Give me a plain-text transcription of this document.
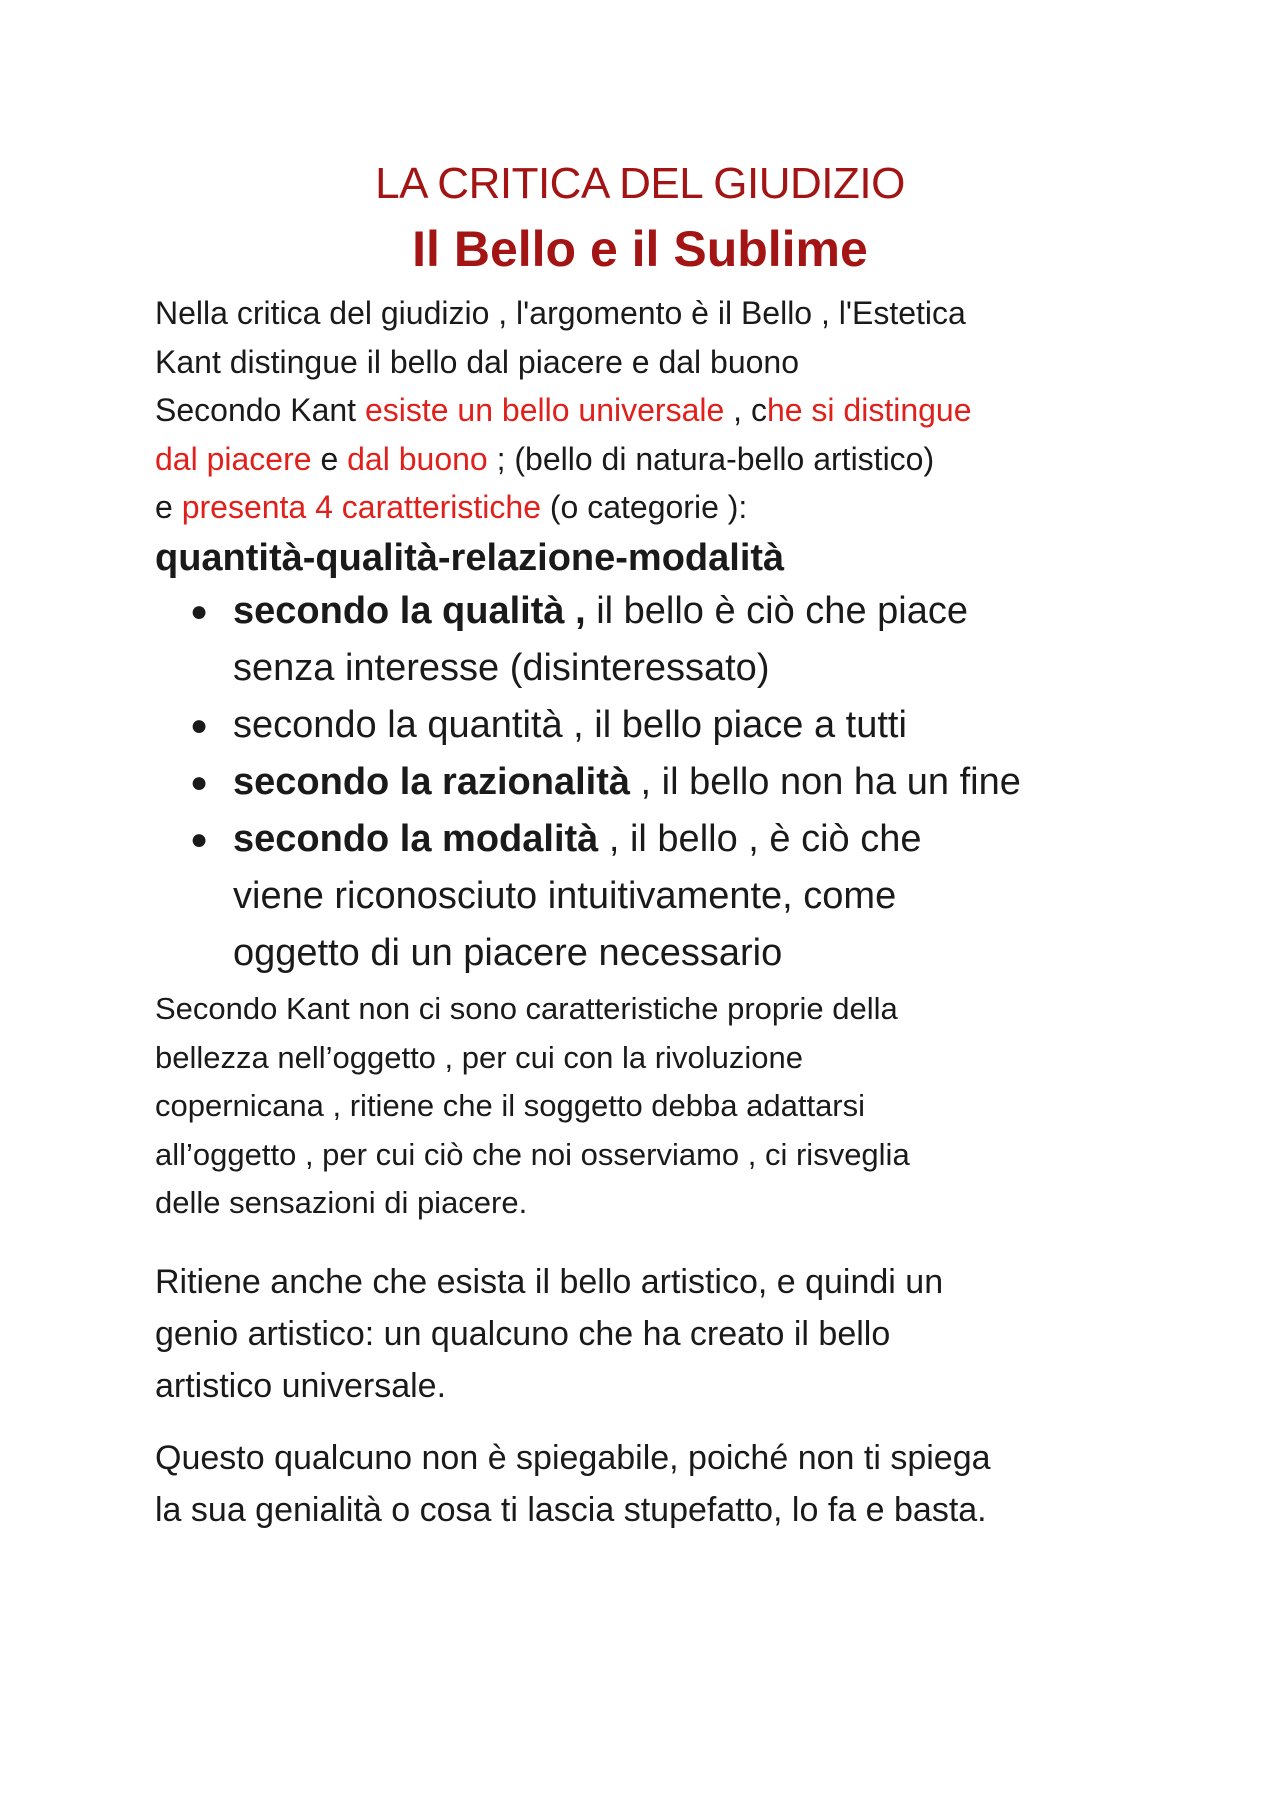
LA CRITICA DEL GIUDIZIO
Il Bello e il Sublime
Nella critica del giudizio , l'argomento è il Bello , l'Estetica
Kant distingue il bello dal piacere e dal buono
Secondo Kant esiste un bello universale , che si distingue
dal piacere e dal buono ; (bello di natura-bello artistico)
e presenta 4 caratteristiche (o categorie ):
quantità-qualità-relazione-modalità
● secondo la qualità , il bello è ciò che piace
senza interesse (disinteressato)
● secondo la quantità , il bello piace a tutti
● secondo la razionalità , il bello non ha un fine
● secondo la modalità , il bello , è ciò che
viene riconosciuto intuitivamente, come
oggetto di un piacere necessario
Secondo Kant non ci sono caratteristiche proprie della
bellezza nell’oggetto , per cui con la rivoluzione
copernicana , ritiene che il soggetto debba adattarsi
all’oggetto , per cui ciò che noi osserviamo , ci risveglia
delle sensazioni di piacere.
Ritiene anche che esista il bello artistico, e quindi un
genio artistico: un qualcuno che ha creato il bello
artistico universale.
Questo qualcuno non è spiegabile, poiché non ti spiega
la sua genialità o cosa ti lascia stupefatto, lo fa e basta.
